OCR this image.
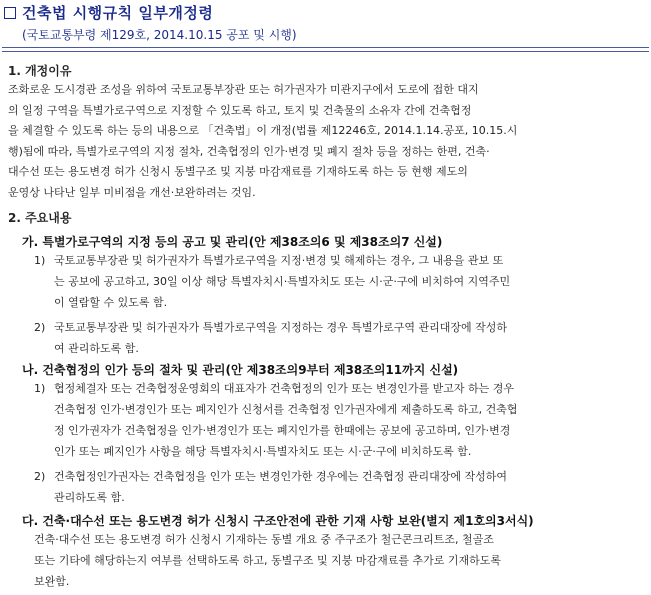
건축법 시행규칙 일부개정령
(국토교통부령 제129호, 2014.10.15 공포 및 시행)
1. 개정이유
조화로운 도시경관 조성을 위하여 국토교통부장관 또는 허가권자가 미관지구에서 도로에 접한 대지
의 일정 구역을 특별가로구역으로 지정할 수 있도록 하고, 토지 및 건축물의 소유자 간에 건축협정
을 체결할 수 있도록 하는 등의 내용으로 「건축법」이 개정(법률 제12246호, 2014.1.14.공포, 10.15.시
행)됨에 따라, 특별가로구역의 지정 절차, 건축협정의 인가·변경 및 폐지 절차 등을 정하는 한편, 건축·
대수선 또는 용도변경 허가 신청시 동별구조 및 지붕 마감재료를 기재하도록 하는 등 현행 제도의
운영상 나타난 일부 미비점을 개선·보완하려는 것임.
2. 주요내용
가. 특별가로구역의 지정 등의 공고 및 관리(안 제38조의6 및 제38조의7 신설)
1) 국토교통부장관 및 허가권자가 특별가로구역을 지정·변경 및 해제하는 경우, 그 내용을 관보 또
는 공보에 공고하고, 30일 이상 해당 특별자치시·특별자치도 또는 시·군·구에 비치하여 지역주민
이 열람할 수 있도록 함.
2) 국토교통부장관 및 허가권자가 특별가로구역을 지정하는 경우 특별가로구역 관리대장에 작성하
여 관리하도록 함.
나. 건축협정의 인가 등의 절차 및 관리(안 제38조의9부터 제38조의11까지 신설)
1) 협정체결자 또는 건축협정운영회의 대표자가 건축협정의 인가 또는 변경인가를 받고자 하는 경우
건축협정 인가·변경인가 또는 폐지인가 신청서를 건축협정 인가권자에게 제출하도록 하고, 건축협
정 인가권자가 건축협정을 인가·변경인가 또는 폐지인가를 한때에는 공보에 공고하며, 인가·변경
인가 또는 폐지인가 사항을 해당 특별자치시·특별자치도 또는 시·군·구에 비치하도록 함.
2) 건축협정인가권자는 건축협정을 인가 또는 변경인가한 경우에는 건축협정 관리대장에 작성하여
관리하도록 함.
다. 건축·대수선 또는 용도변경 허가 신청시 구조안전에 관한 기재 사항 보완(별지 제1호의3서식)
건축·대수선 또는 용도변경 허가 신청시 기재하는 동별 개요 중 주구조가 철근콘크리트조, 철골조
또는 기타에 해당하는지 여부를 선택하도록 하고, 동별구조 및 지붕 마감재료를 추가로 기재하도록
보완함.
